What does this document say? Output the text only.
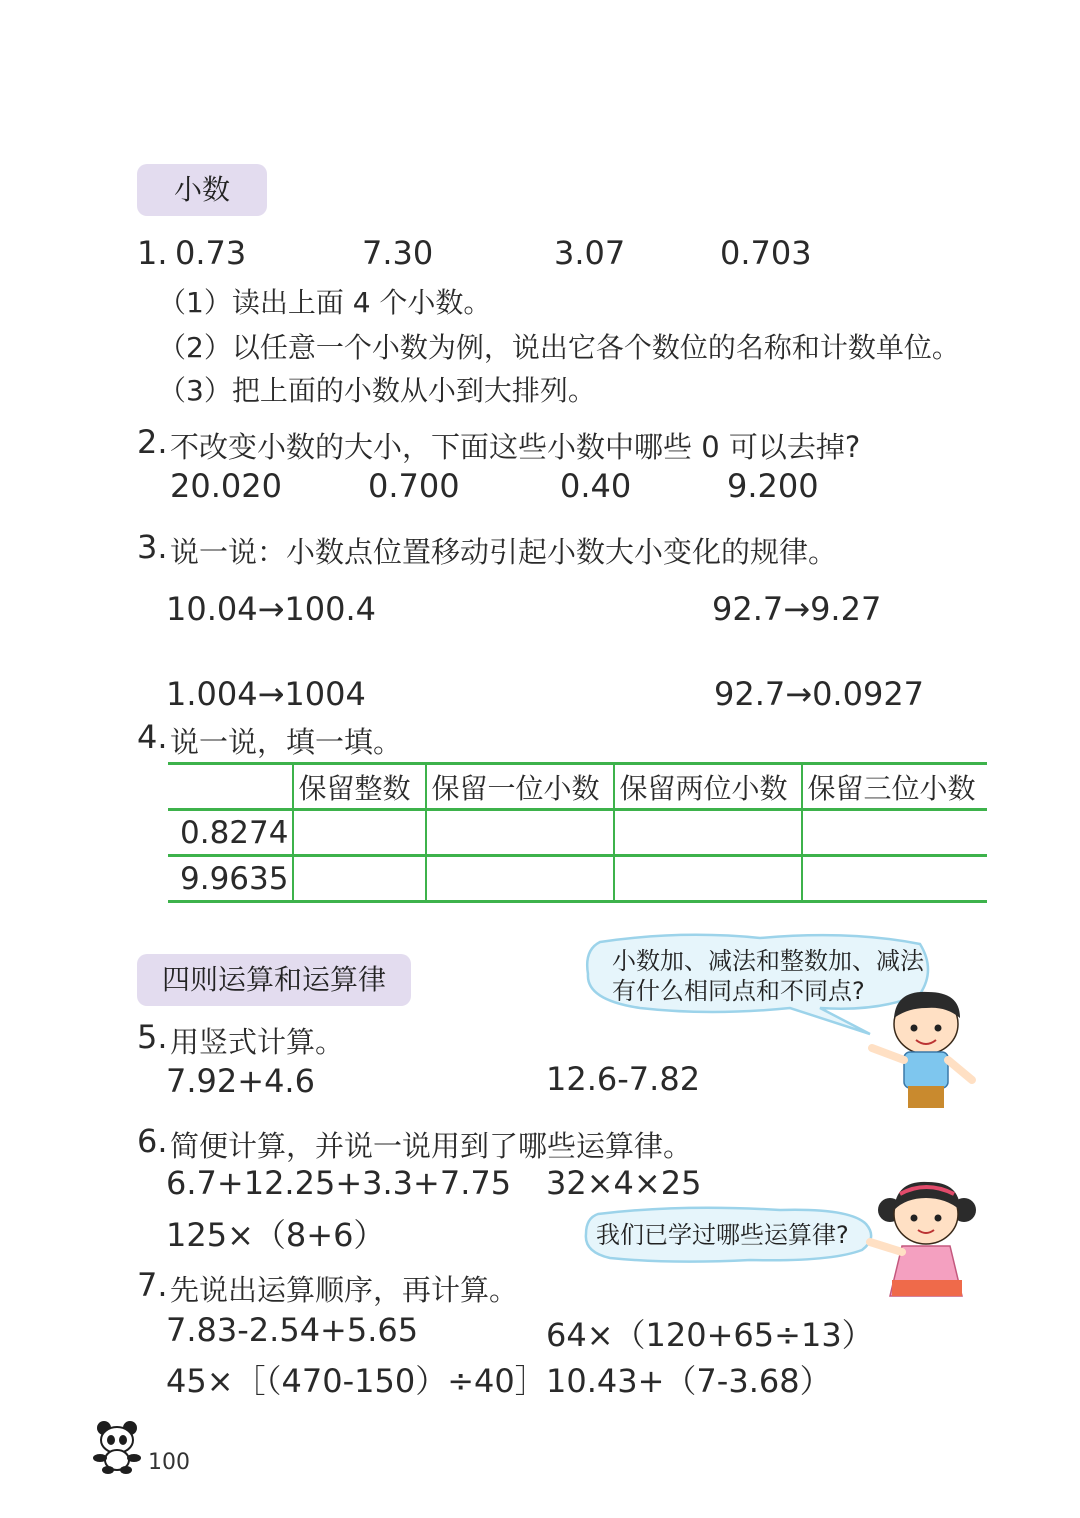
小数
1. 0.73	7.30	3.07	0.703
（1）读出上面 4 个小数。
（2）以任意一个小数为例，说出它各个数位的名称和计数单位。
（3）把上面的小数从小到大排列。
2. 不改变小数的大小，下面这些小数中哪些 0 可以去掉?
20.020	0.700	0.40	9.200
3. 说一说：小数点位置移动引起小数大小变化的规律。
10.04→100.4	92.7→9.27
1.004→1004	92.7→0.0927
4. 说一说，填一填。
	保留整数	保留一位小数	保留两位小数	保留三位小数
0.8274				
9.9635				
四则运算和运算律
小数加、减法和整数加、减法
有什么相同点和不同点?
5. 用竖式计算。
7.92+4.6	12.6-7.82
6. 简便计算，并说一说用到了哪些运算律。
6.7+12.25+3.3+7.75 32×4×25
125×（8+6）	我们已学过哪些运算律?
7. 先说出运算顺序，再计算。
7.83-2.54+5.65	64×（120+65÷13）
45×［（470-150）÷40］ 10.43+（7-3.68）
100
